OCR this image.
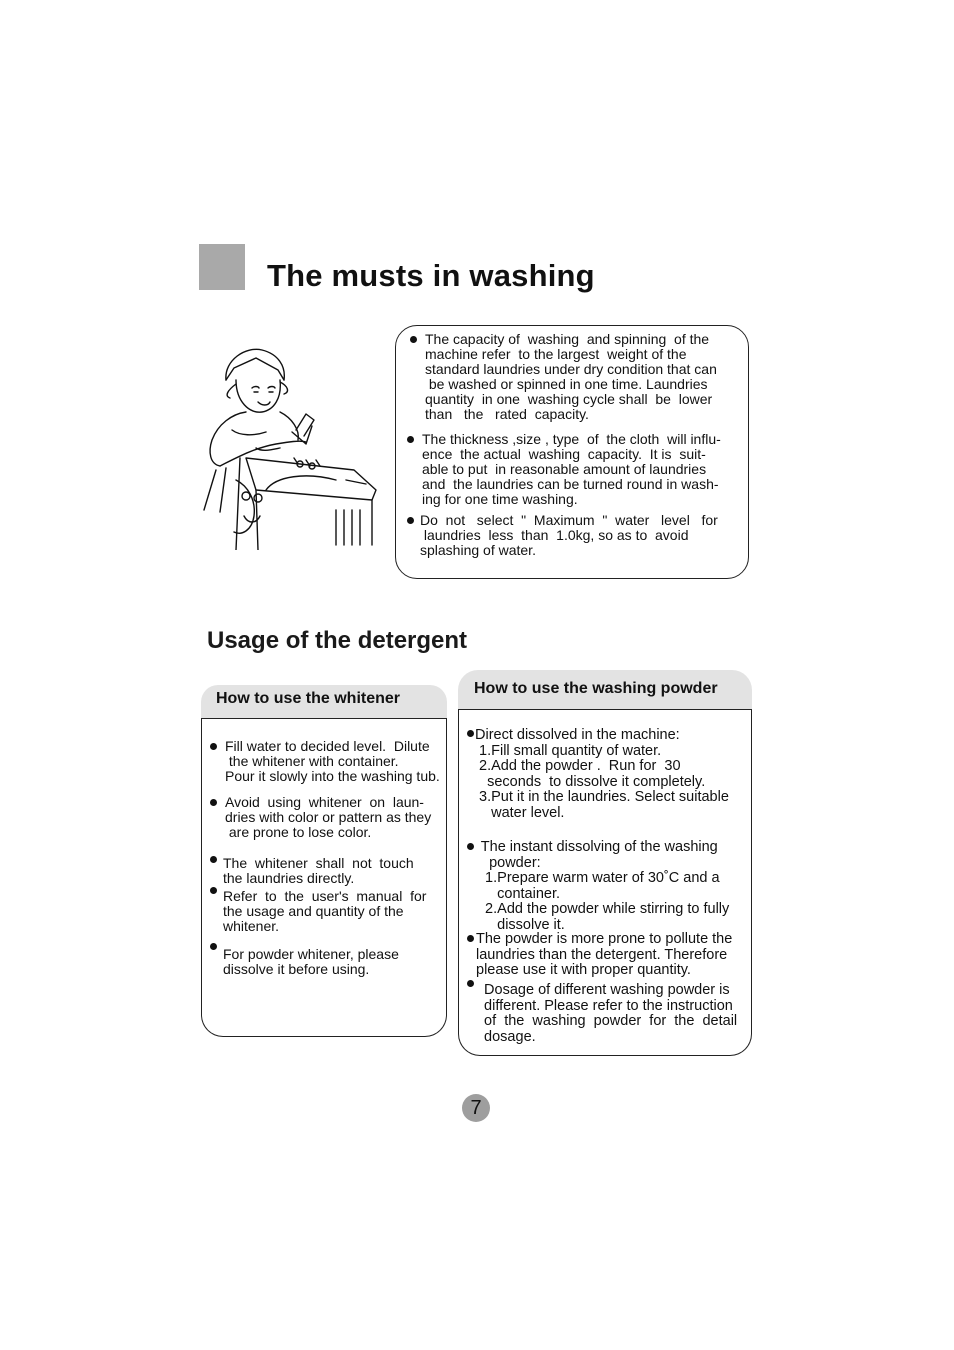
The musts in washing
The capacity of  washing  and spinning  of the
machine refer  to the largest  weight of the
standard laundries under dry condition that can
be washed or spinned in one time. Laundries
quantity  in one  washing cycle shall  be  lower
than   the   rated  capacity.
The thickness ,size , type  of  the cloth  will influ-
ence  the actual  washing  capacity.  It is  suit-
able to put  in reasonable amount of laundries
and  the laundries can be turned round in wash-
ing for one time washing.
Do  not   select  "  Maximum  "  water   level   for
laundries  less  than  1.0kg, so as to  avoid
splashing of water.
Usage of the detergent
How to use the whitener
Fill water to decided level.  Dilute
the whitener with container.
Pour it slowly into the washing tub.
Avoid  using  whitener  on  laun-
dries with color or pattern as they
are prone to lose color.
The  whitener  shall  not  touch
the laundries directly.
Refer  to  the  user's  manual  for
the usage and quantity of the
whitener.
For powder whitener, please
dissolve it before using.
How to use the washing powder
Direct dissolved in the machine:
1.Fill small quantity of water.
2.Add the powder .  Run for  30
seconds  to dissolve it completely.
3.Put it in the laundries. Select suitable
water level.
The instant dissolving of the washing
powder:
1.Prepare warm water of 30˚C and a
container.
2.Add the powder while stirring to fully
dissolve it.
The powder is more prone to pollute the
laundries than the detergent. Therefore
please use it with proper quantity.
Dosage of different washing powder is
different. Please refer to the instruction
of  the  washing  powder  for  the  detail
dosage.
7
